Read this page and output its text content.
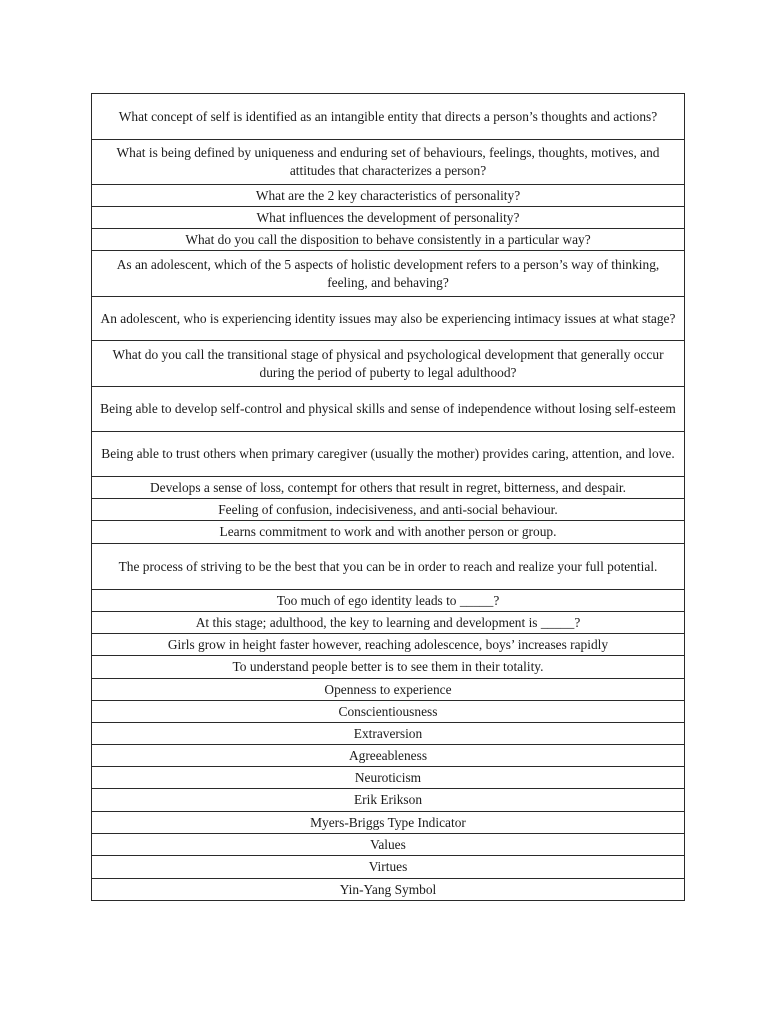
What concept of self is identified as an intangible entity that directs a person’s thoughts and actions?
What is being defined by uniqueness and enduring set of behaviours, feelings, thoughts, motives, and attitudes that characterizes a person?
What are the 2 key characteristics of personality?
What influences the development of personality?
What do you call the disposition to behave consistently in a particular way?
As an adolescent, which of the 5 aspects of holistic development refers to a person’s way of thinking, feeling, and behaving?
An adolescent, who is experiencing identity issues may also be experiencing intimacy issues at what stage?
What do you call the transitional stage of physical and psychological development that generally occur during the period of puberty to legal adulthood?
Being able to develop self-control and physical skills and sense of independence without losing self-esteem
Being able to trust others when primary caregiver (usually the mother) provides caring, attention, and love.
Develops a sense of loss, contempt for others that result in regret, bitterness, and despair.
Feeling of confusion, indecisiveness, and anti-social behaviour.
Learns commitment to work and with another person or group.
The process of striving to be the best that you can be in order to reach and realize your full potential.
Too much of ego identity leads to _____?
At this stage; adulthood, the key to learning and development is _____?
Girls grow in height faster however, reaching adolescence, boys’ increases rapidly
To understand people better is to see them in their totality.
Openness to experience
Conscientiousness
Extraversion
Agreeableness
Neuroticism
Erik Erikson
Myers-Briggs Type Indicator
Values
Virtues
Yin-Yang Symbol
